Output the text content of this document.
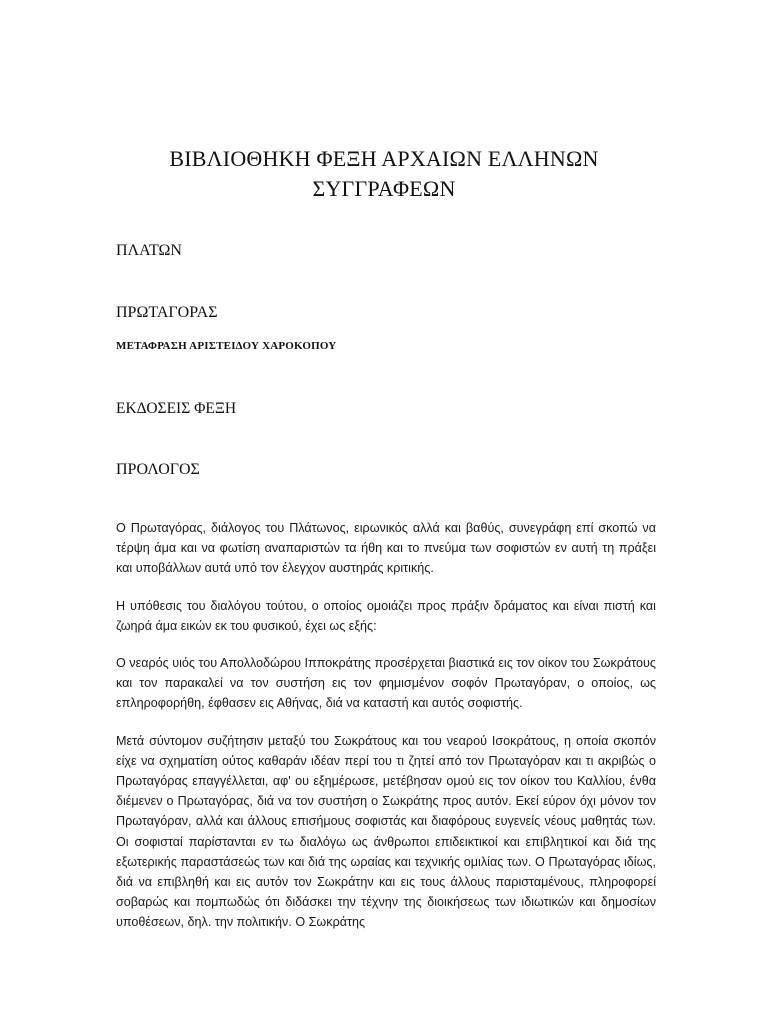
ΒΙΒΛΙΟΘΗΚΗ ΦΕΞΗ ΑΡΧΑΙΩΝ ΕΛΛΗΝΩΝ ΣΥΓΓΡΑΦΕΩΝ
ΠΛΑΤΩΝ
ΠΡΩΤΑΓΟΡΑΣ
ΜΕΤΑΦΡΑΣΗ ΑΡΙΣΤΕΙΔΟΥ ΧΑΡΟΚΟΠΟΥ
ΕΚΔΟΣΕΙΣ ΦΕΞΗ
ΠΡΟΛΟΓΟΣ

Ο Πρωταγόρας, διάλογος του Πλάτωνος, ειρωνικός αλλά και βαθύς, συνεγράφη επί σκοπώ να τέρψη άμα και να φωτίση αναπαριστών τα ήθη και το πνεύμα των σοφιστών εν αυτή τη πράξει και υποβάλλων αυτά υπό τον έλεγχον αυστηράς κριτικής.

Η υπόθεσις του διαλόγου τούτου, ο οποίος ομοιάζει προς πράξιν δράματος και είναι πιστή και ζωηρά άμα εικών εκ του φυσικού, έχει ως εξής:

Ο νεαρός υιός του Απολλοδώρου Ιπποκράτης προσέρχεται βιαστικά εις τον οίκον του Σωκράτους και τον παρακαλεί να τον συστήση εις τον φημισμένον σοφόν Πρωταγόραν, ο οποίος, ως επληροφορήθη, έφθασεν εις Αθήνας, διά να καταστή και αυτός σοφιστής.

Μετά σύντομον συζήτησιν μεταξύ του Σωκράτους και του νεαρού Ισοκράτους, η οποία σκοπόν είχε να σχηματίση ούτος καθαράν ιδέαν περί του τι ζητεί από τον Πρωταγόραν και τι ακριβώς ο Πρωταγόρας επαγγέλλεται, αφ' ου εξημέρωσε, μετέβησαν ομού εις τον οίκον του Καλλίου, ένθα διέμενεν ο Πρωταγόρας, διά να τον συστήση ο Σωκράτης προς αυτόν. Εκεί εύρον όχι μόνον τον Πρωταγόραν, αλλά και άλλους επισήμους σοφιστάς και διαφόρους ευγενείς νέους μαθητάς των. Οι σοφισταί παρίστανται εν τω διαλόγω ως άνθρωποι επιδεικτικοί και επιβλητικοί και διά της εξωτερικής παραστάσεώς των και διά της ωραίας και τεχνικής ομιλίας των. Ο Πρωταγόρας ιδίως, διά να επιβληθή και εις αυτόν τον Σωκράτην και εις τους άλλους παρισταμένους, πληροφορεί σοβαρώς και πομπωδώς ότι διδάσκει την τέχνην της διοικήσεως των ιδιωτικών και δημοσίων υποθέσεων, δηλ. την πολιτικήν. Ο Σωκράτης
